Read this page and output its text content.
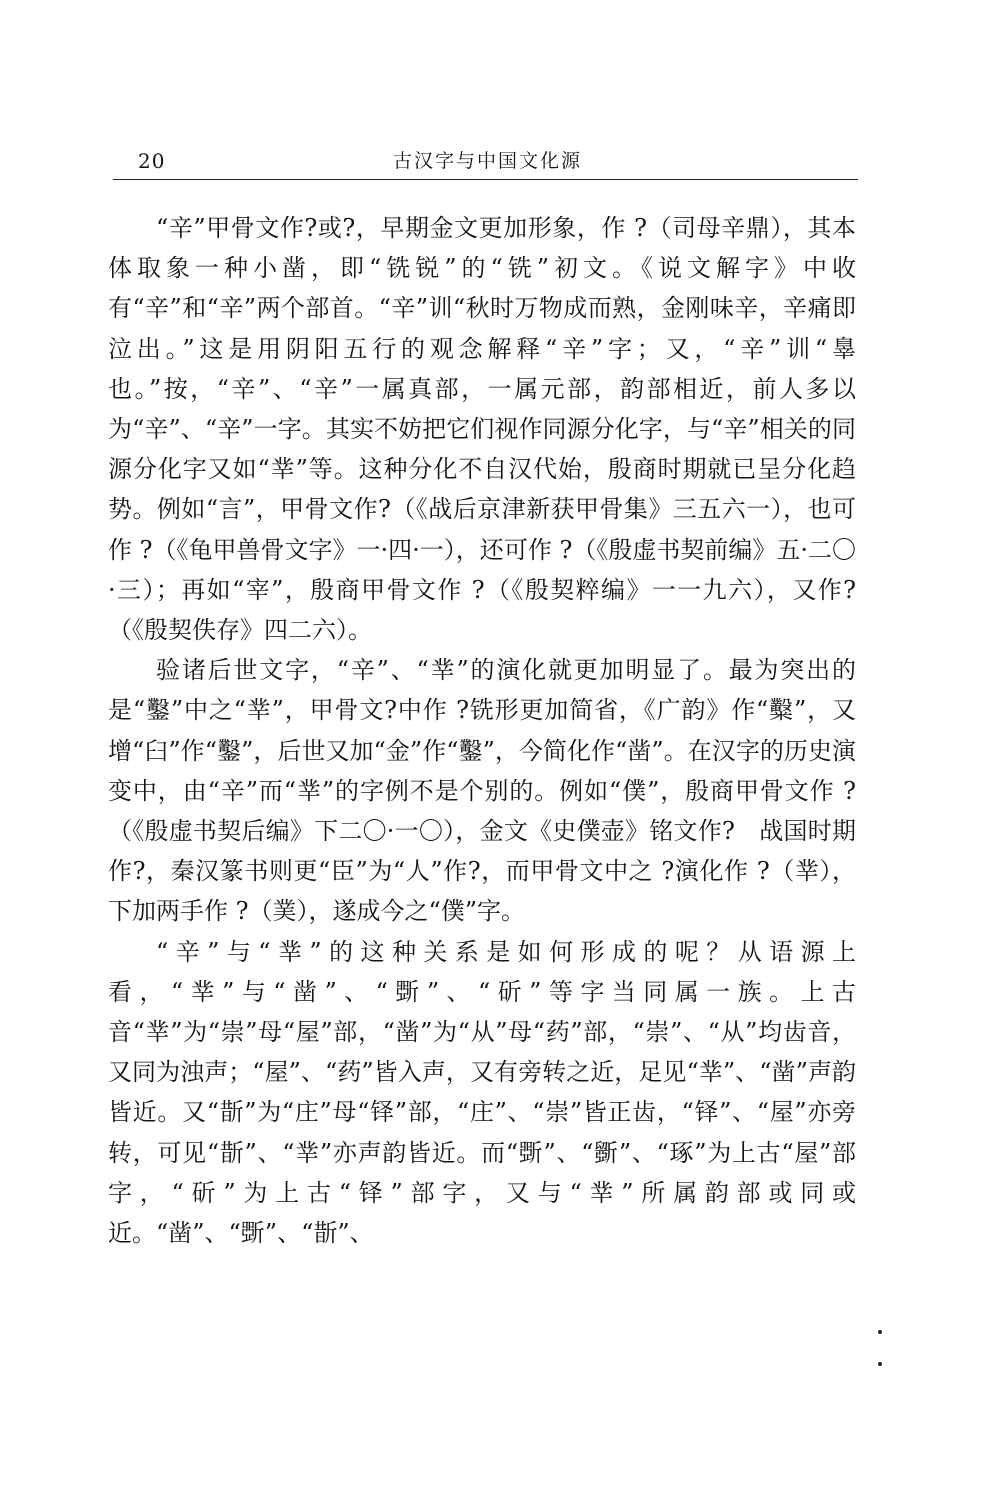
20	古汉字与中国文化源

“辛”甲骨文作?或?，早期金文更加形象，作 ?（司母辛鼎），其本体取象一种小凿，即“铣锐”的“铣”初文。《说文解字》中收有“辛”和“辛”两个部首。“辛”训“秋时万物成而熟，金刚味辛，辛痛即泣出。”这是用阴阳五行的观念解释“辛”字；又，“辛”训“辠也。”按，“辛”、“辛”一属真部，一属元部，韵部相近，前人多以为“辛”、“辛”一字。其实不妨把它们视作同源分化字，与“辛”相关的同源分化字又如“丵”等。这种分化不自汉代始，殷商时期就已呈分化趋势。例如“言”，甲骨文作?（《战后京津新获甲骨集》三五六一），也可作 ?（《龟甲兽骨文字》一·四·一），还可作 ?（《殷虚书契前编》五·二〇·三）；再如“宰”，殷商甲骨文作 ?（《殷契粹编》一一九六），又作?（《殷契佚存》四二六）。

验诸后世文字，“辛”、“丵”的演化就更加明显了。最为突出的是“鑿”中之“丵”，甲骨文?中作 ?铣形更加简省，《广韵》作“糳”，又增“臼”作“鑿”，后世又加“金”作“鑿”，今简化作“凿”。在汉字的历史演变中，由“辛”而“丵”的字例不是个别的。例如“僕”，殷商甲骨文作 ?（《殷虚书契后编》下二〇·一〇），金文《史僕壶》铭文作?　战国时期作?，秦汉篆书则更“臣”为“人”作?，而甲骨文中之 ?演化作 ?（丵），下加两手作 ?（菐），遂成今之“僕”字。

“辛”与“丵”的这种关系是如何形成的呢？从语源上看，“丵”与“凿”、“斲”、“斫”等字当同属一族。上古音“丵”为“崇”母“屋”部，“凿”为“从”母“药”部，“崇”、“从”均齿音，又同为浊声；“屋”、“药”皆入声，又有旁转之近，足见“丵”、“凿”声韵皆近。又“斮”为“庄”母“铎”部，“庄”、“崇”皆正齿，“铎”、“屋”亦旁转，可见“斮”、“丵”亦声韵皆近。而“斲”、“斵”、“琢”为上古“屋”部字，“斫”为上古“铎”部字，又与“丵”所属韵部或同或近。“凿”、“斲”、“斮”、
